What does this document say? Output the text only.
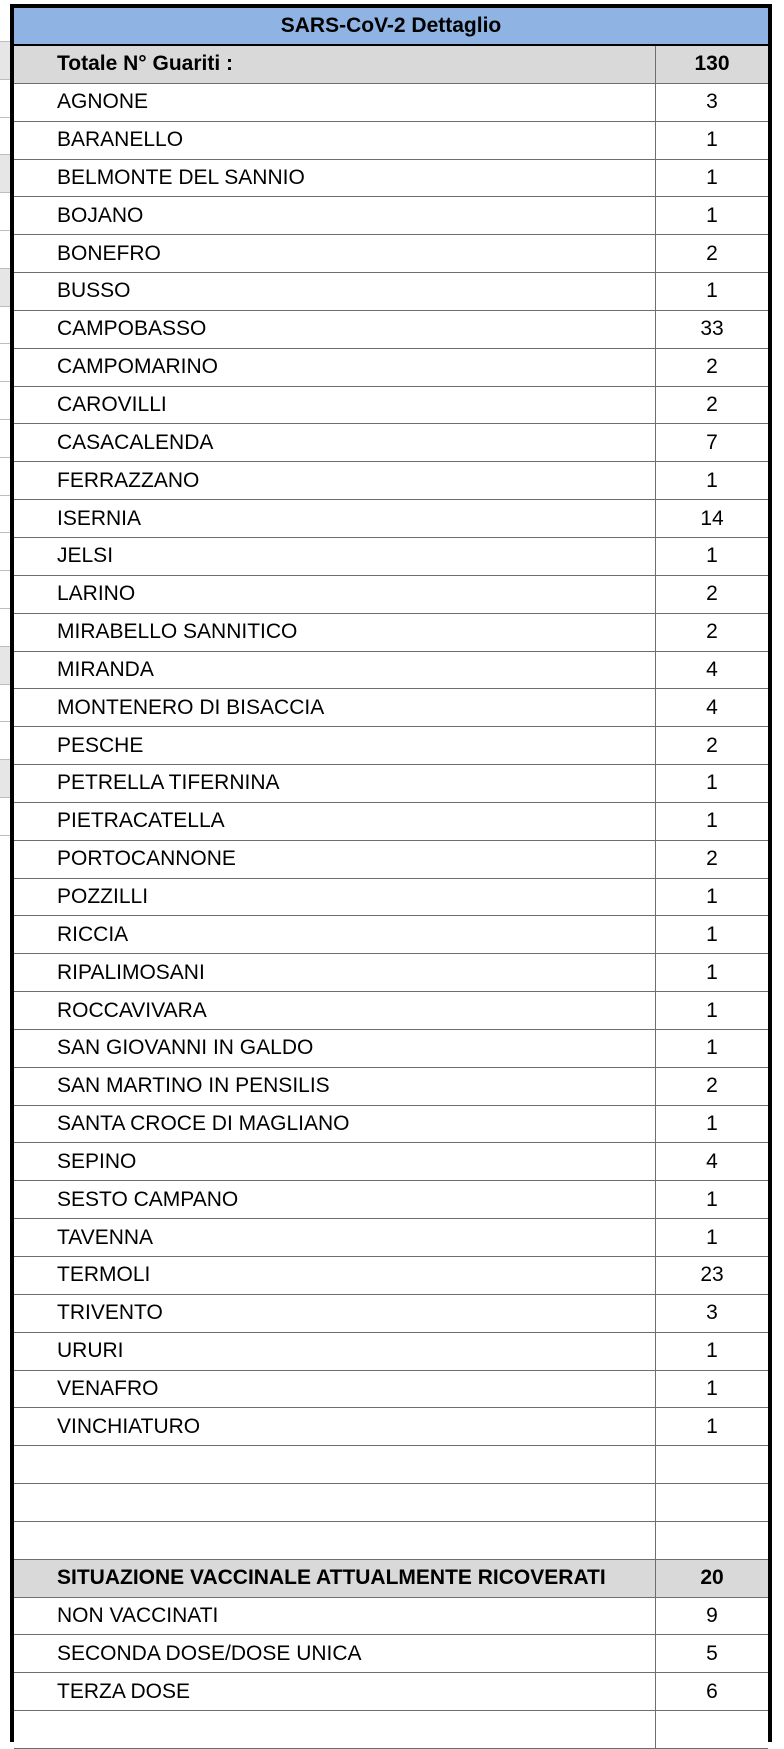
SARS-CoV-2 Dettaglio
Totale N° Guariti :	130
AGNONE	3
BARANELLO	1
BELMONTE DEL SANNIO	1
BOJANO	1
BONEFRO	2
BUSSO	1
CAMPOBASSO	33
CAMPOMARINO	2
CAROVILLI	2
CASACALENDA	7
FERRAZZANO	1
ISERNIA	14
JELSI	1
LARINO	2
MIRABELLO SANNITICO	2
MIRANDA	4
MONTENERO DI BISACCIA	4
PESCHE	2
PETRELLA TIFERNINA	1
PIETRACATELLA	1
PORTOCANNONE	2
POZZILLI	1
RICCIA	1
RIPALIMOSANI	1
ROCCAVIVARA	1
SAN GIOVANNI IN GALDO	1
SAN MARTINO IN PENSILIS	2
SANTA CROCE DI MAGLIANO	1
SEPINO	4
SESTO CAMPANO	1
TAVENNA	1
TERMOLI	23
TRIVENTO	3
URURI	1
VENAFRO	1
VINCHIATURO	1
SITUAZIONE VACCINALE ATTUALMENTE RICOVERATI	20
NON VACCINATI	9
SECONDA DOSE/DOSE UNICA	5
TERZA DOSE	6
